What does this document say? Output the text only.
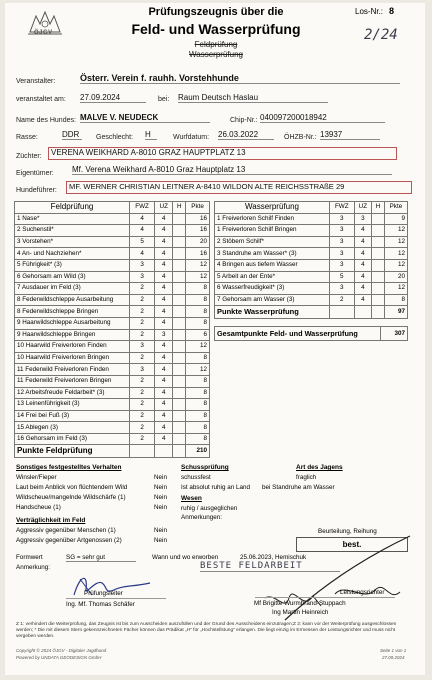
ÖJGV
Prüfungszeugnis über die
Feld- und Wasserprüfung
Feldprüfung
Wasserprüfung
Los-Nr.: 8
2/24
Veranstalter:	Österr. Verein f. rauhh. Vorstehhunde
veranstaltet am: 27.09.2024	bei: Raum Deutsch Haslau
Name des Hundes: MALVE V. NEUDECK	Chip-Nr.: 040097200018942
Rasse:	DDR	Geschlecht: H	Wurfdatum: 26.03.2022	ÖHZB-Nr.: 13937
Züchter:	VERENA WEIKHARD A-8010 GRAZ HAUPTPLATZ 13
Eigentümer: Mf. Verena Weikhard A-8010 Graz Hauptplatz 13
Hundeführer:	MF. WERNER CHRISTIAN LEITNER A-8410 WILDON ALTE REICHSSTRAßE 29
Feldprüfung	FWZ	UZ	H	Pkte
1 Nase*	4	4		16
2 Suchenstil*	4	4		16
3 Vorstehen*	5	4		20
4 An- und Nachziehen*	4	4		16
5 Führigkeit* (3)	3	4		12
6 Gehorsam am Wild (3)	3	4		12
7 Ausdauer im Feld (3)	2	4		8
8 Federwildschleppe Ausarbeitung	2	4		8
8 Federwildschleppe Bringen	2	4		8
9 Haarwildschleppe Ausarbeitung	2	4		8
9 Haarwildschleppe Bringen	2	3		6
10 Haarwild Freiverloren Finden	3	4		12
10 Haarwild Freiverloren Bringen	2	4		8
11 Federwild Freiverloren Finden	3	4		12
11 Federwild Freiverloren Bringen	2	4		8
12 Arbeitsfreude Feldarbeit* (3)	2	4		8
13 Leinenführigkeit (3)	2	4		8
14 Frei bei Fuß (3)	2	4		8
15 Ablegen (3)	2	4		8
16 Gehorsam im Feld (3)	2	4		8
Punkte Feldprüfung				210
Wasserprüfung	FWZ	UZ	H	Pkte
1 Freiverloren Schilf Finden	3	3		9
1 Freiverloren Schilf Bringen	3	4		12
2 Stöbern Schilf*	3	4		12
3 Standruhe am Wasser* (3)	3	4		12
4 Bringen aus tiefem Wasser	3	4		12
5 Arbeit an der Ente*	5	4		20
6 Wasserfreudigkeit* (3)	3	4		12
7 Gehorsam am Wasser (3)	2	4		8
Punkte Wasserprüfung				97
Gesamtpunkte Feld- und Wasserprüfung	307
Sonstiges festgestelltes Verhalten
Winsler/Fieper	Nein
Laut beim Anblick von flüchtendem Wild	Nein
Wildscheue/mangelnde Wildschärfe (1)	Nein
Handscheue (1)	Nein
Verträglichkeit im Feld
Aggressiv gegenüber Menschen (1)	Nein
Aggressiv gegenüber Artgenossen (2)	Nein
Schussprüfung
schussfest
Ist absolut ruhig an Land
Wesen
ruhig / ausgeglichen
Anmerkungen:
Art des Jagens
fraglich
bei Standruhe am Wasser
Beurteilung, Reihung
best.
Formwert	SG = sehr gut	Wann und wo erworben	25.06.2023, Hemischuk
Anmerkung:	BESTE FELDARBEIT
Prüfungsleiter
Ing. Mf. Thomas Schäfer
Leistungsrichter
Mf Brigitte Wurmbrand-Stuppach
Ing Martin Heinreich
Z 1: verhindert die Weiterprüfung, das Zeugnis ist bis zum Ausscheiden auszufüllen und der Grund des Ausscheidens einzutragen;Z 2: kann vor der Weiterprüfung ausgeschlossen werden; * Die mit diesem Stern gekennzeichneten Fächer können das Prädikat „H" für „Hochstellstung" erlangen. Die liegt einzig im Ermessen der Leistungsrichter und muss nicht vergeben werden.
Copyright © 2024 ÖJGV - Digitaler Jagdhund
Powered by UNDATA GEODESIGN GmbH
Seite 1 von 1
27.09.2024
